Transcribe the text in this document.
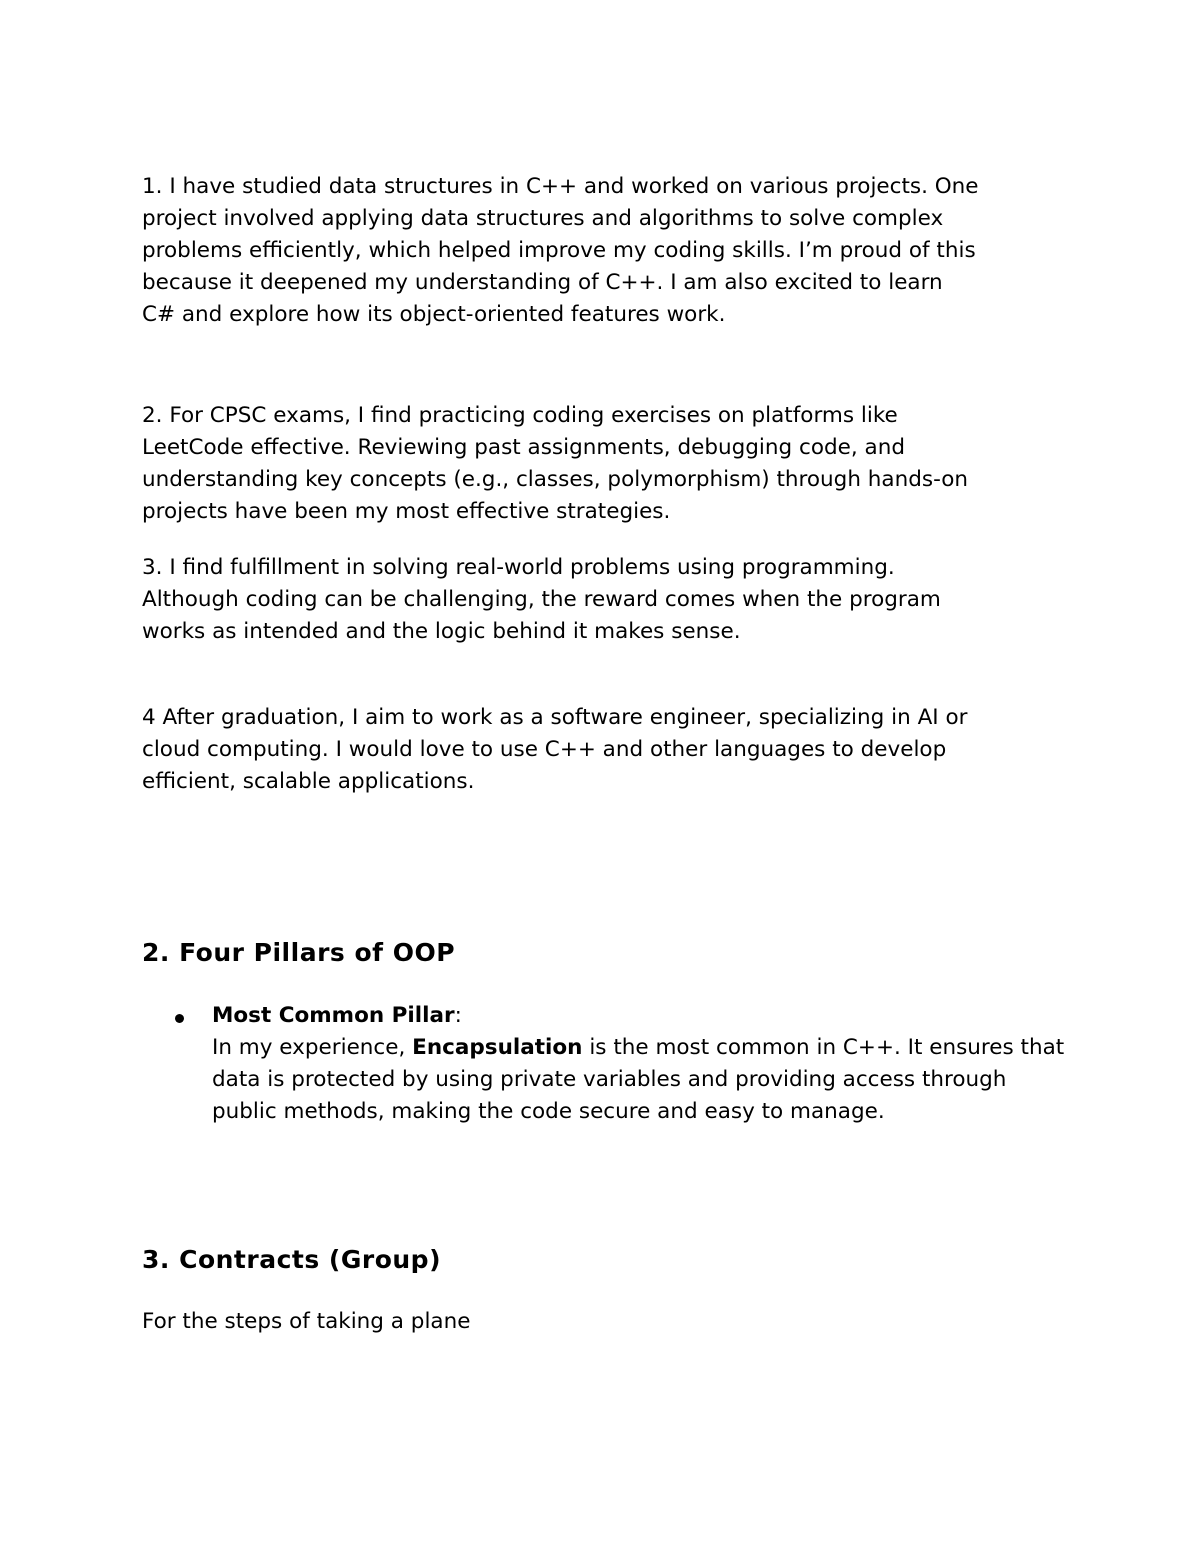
1. I have studied data structures in C++ and worked on various projects. One
project involved applying data structures and algorithms to solve complex
problems efficiently, which helped improve my coding skills. I’m proud of this
because it deepened my understanding of C++. I am also excited to learn
C# and explore how its object-oriented features work.

2. For CPSC exams, I find practicing coding exercises on platforms like
LeetCode effective. Reviewing past assignments, debugging code, and
understanding key concepts (e.g., classes, polymorphism) through hands-on
projects have been my most effective strategies.

3. I find fulfillment in solving real-world problems using programming.
Although coding can be challenging, the reward comes when the program
works as intended and the logic behind it makes sense.

4 After graduation, I aim to work as a software engineer, specializing in AI or
cloud computing. I would love to use C++ and other languages to develop
efficient, scalable applications.

2. Four Pillars of OOP
Most Common Pillar:
In my experience, Encapsulation is the most common in C++. It ensures that data is protected by using private variables and providing access through public methods, making the code secure and easy to manage.
3. Contracts (Group)

For the steps of taking a plane
